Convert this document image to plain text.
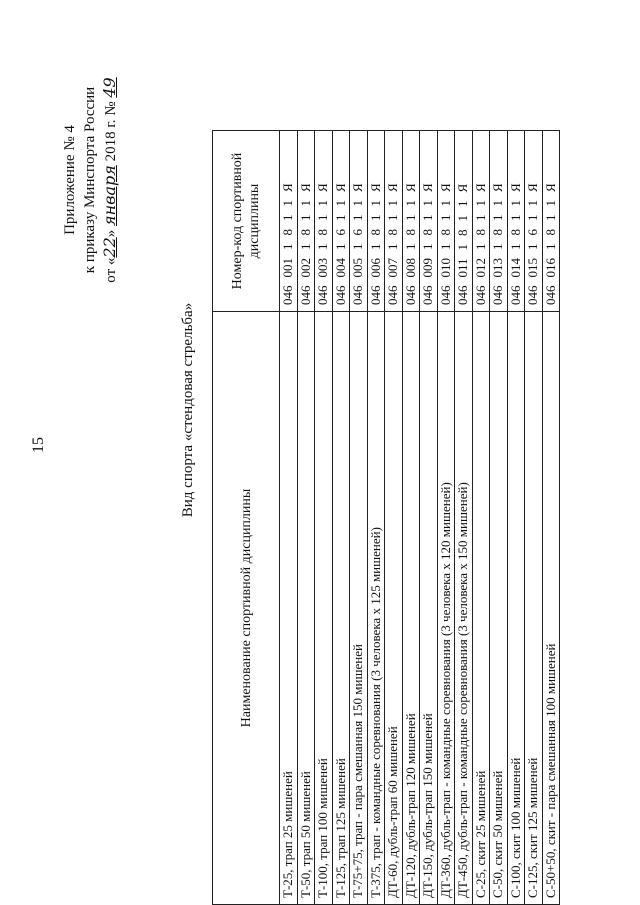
15
Приложение № 4 к приказу Минспорта России от «22» января 2018 г. № 49
Вид спорта «стендовая стрельба»
Наименование спортивной дисциплины	Номер-код спортивной дисциплины
Т-25, трап 25 мишеней	0460011811Я
Т-50, трап 50 мишеней	0460021811Я
Т-100, трап 100 мишеней	0460031811Я
Т-125, трап 125 мишеней	0460041611Я
Т-75+75, трап - пара смешанная 150 мишеней	0460051611Я
Т-375, трап - командные соревнования (3 человека х 125 мишеней)	0460061811Я
ДТ-60, дубль-трап 60 мишеней	0460071811Я
ДТ-120, дубль-трап 120 мишеней	0460081811Я
ДТ-150, дубль-трап 150 мишеней	0460091811Я
ДТ-360, дубль-трап - командные соревнования (3 человека х 120 мишеней)	0460101811Я
ДТ-450, дубль-трап - командные соревнования (3 человека х 150 мишеней)	0460111811Я
С-25, скит 25 мишеней	0460121811Я
С-50, скит 50 мишеней	0460131811Я
С-100, скит 100 мишеней	0460141811Я
С-125, скит 125 мишеней	0460151611Я
С-50+50, скит - пара смешанная 100 мишеней	0460161811Я
